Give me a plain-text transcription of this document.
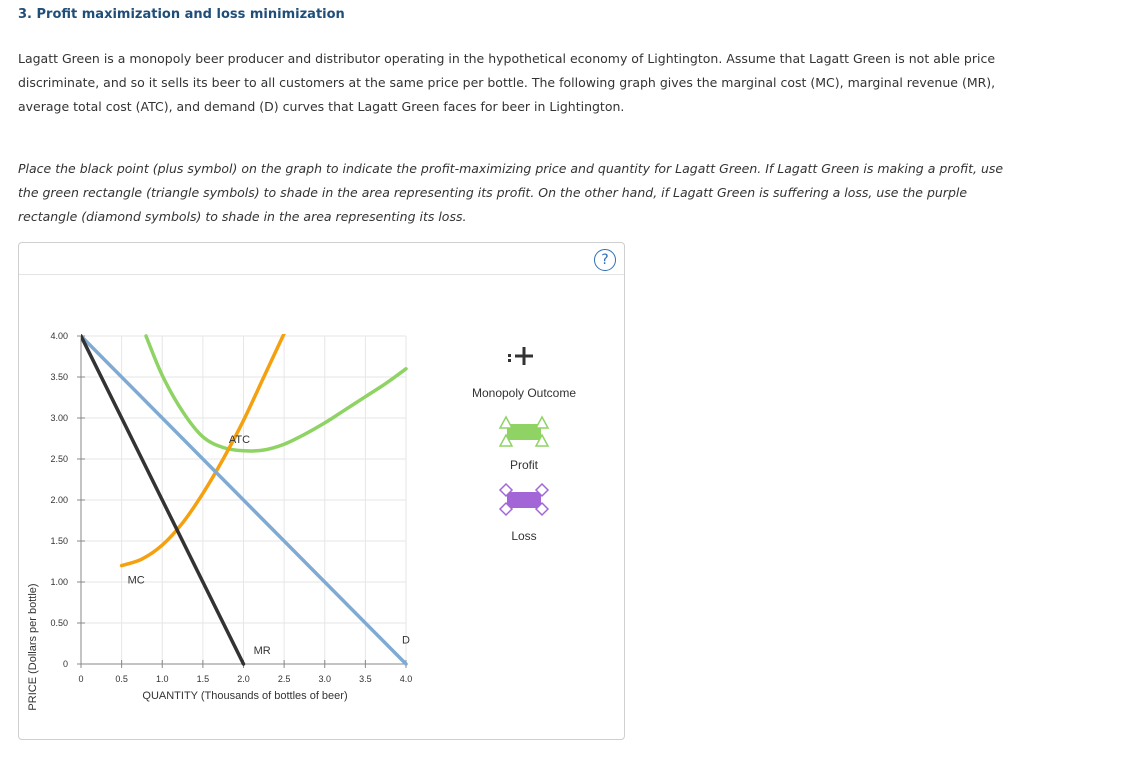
3. Profit maximization and loss minimization

Lagatt Green is a monopoly beer producer and distributor operating in the hypothetical economy of Lightington. Assume that Lagatt Green is not able price discriminate, and so it sells its beer to all customers at the same price per bottle. The following graph gives the marginal cost (MC), marginal revenue (MR), average total cost (ATC), and demand (D) curves that Lagatt Green faces for beer in Lightington.

Place the black point (plus symbol) on the graph to indicate the profit-maximizing price and quantity for Lagatt Green. If Lagatt Green is making a profit, use the green rectangle (triangle symbols) to shade in the area representing its profit. On the other hand, if Lagatt Green is suffering a loss, use the purple rectangle (diamond symbols) to shade in the area representing its loss.

?
0	0.5	1.0	1.5	2.0	2.5	3.0	3.5	4.0
0
0.50
1.00
1.50
2.00
2.50
3.00
3.50
4.00
PRICE (Dollars per bottle)	QUANTITY (Thousands of bottles of beer)
Monopoly Outcome
Profit
Loss
D
MR
MC
ATC
